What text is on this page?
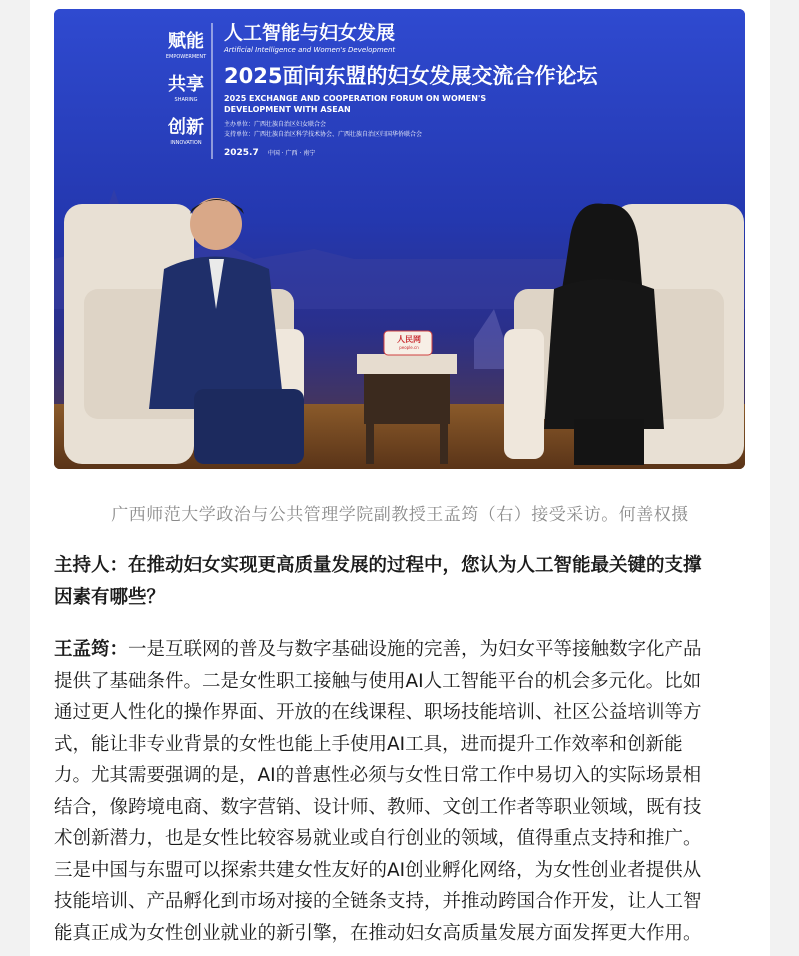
赋能
EMPOWERMENT
共享
SHARING
创新
INNOVATION
人工智能与妇女发展
Artificial Intelligence and Women's Development
2025面向东盟的妇女发展交流合作论坛
2025 EXCHANGE AND COOPERATION FORUM ON WOMEN'S
DEVELOPMENT WITH ASEAN
主办单位：广西壮族自治区妇女联合会
支持单位：广西壮族自治区科学技术协会、广西壮族自治区归国华侨联合会
2025.7 中国 · 广西 · 南宁
人民网
people.cn
广西师范大学政治与公共管理学院副教授王孟筠（右）接受采访。何善权摄
主持人：在推动妇女实现更高质量发展的过程中，您认为人工智能最关键的支撑
因素有哪些？
王孟筠：一是互联网的普及与数字基础设施的完善，为妇女平等接触数字化产品
提供了基础条件。二是女性职工接触与使用AI人工智能平台的机会多元化。比如
通过更人性化的操作界面、开放的在线课程、职场技能培训、社区公益培训等方
式，能让非专业背景的女性也能上手使用AI工具，进而提升工作效率和创新能
力。尤其需要强调的是，AI的普惠性必须与女性日常工作中易切入的实际场景相
结合，像跨境电商、数字营销、设计师、教师、文创工作者等职业领域，既有技
术创新潜力，也是女性比较容易就业或自行创业的领域，值得重点支持和推广。
三是中国与东盟可以探索共建女性友好的AI创业孵化网络，为女性创业者提供从
技能培训、产品孵化到市场对接的全链条支持，并推动跨国合作开发，让人工智
能真正成为女性创业就业的新引擎，在推动妇女高质量发展方面发挥更大作用。
